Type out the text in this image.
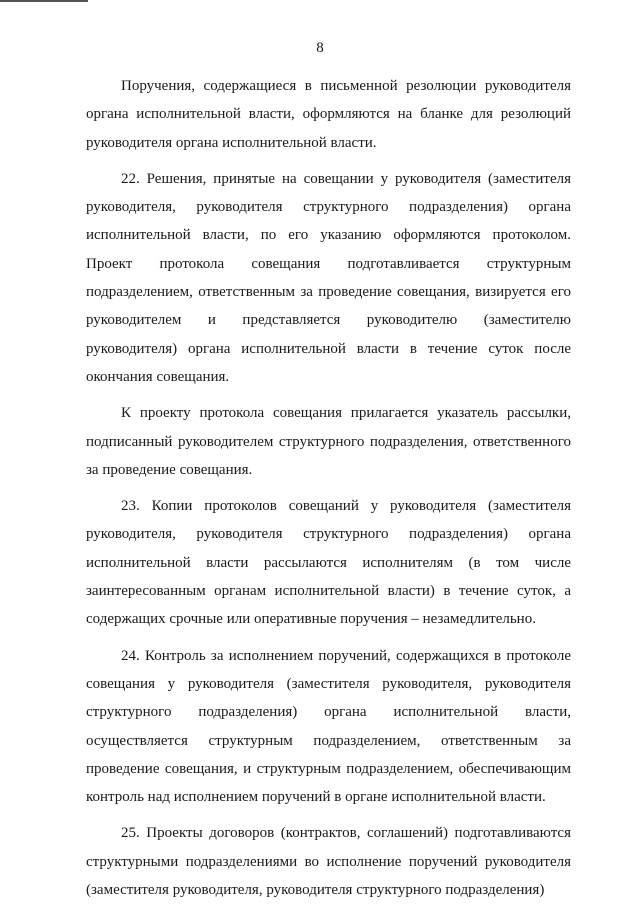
8

Поручения, содержащиеся в письменной резолюции руководителя органа исполнительной власти, оформляются на бланке для резолюций руководителя органа исполнительной власти.

22. Решения, принятые на совещании у руководителя (заместителя руководителя, руководителя структурного подразделения) органа исполнительной власти, по его указанию оформляются протоколом. Проект протокола совещания подготавливается структурным подразделением, ответственным за проведение совещания, визируется его руководителем и представляется руководителю (заместителю руководителя) органа исполнительной власти в течение суток после окончания совещания.

К проекту протокола совещания прилагается указатель рассылки, подписанный руководителем структурного подразделения, ответственного за проведение совещания.

23. Копии протоколов совещаний у руководителя (заместителя руководителя, руководителя структурного подразделения) органа исполнительной власти рассылаются исполнителям (в том числе заинтересованным органам исполнительной власти) в течение суток, а содержащих срочные или оперативные поручения – незамедлительно.

24. Контроль за исполнением поручений, содержащихся в протоколе совещания у руководителя (заместителя руководителя, руководителя структурного подразделения) органа исполнительной власти, осуществляется структурным подразделением, ответственным за проведение совещания, и структурным подразделением, обеспечивающим контроль над исполнением поручений в органе исполнительной власти.

25. Проекты договоров (контрактов, соглашений) подготавливаются структурными подразделениями во исполнение поручений руководителя (заместителя руководителя, руководителя структурного подразделения)
